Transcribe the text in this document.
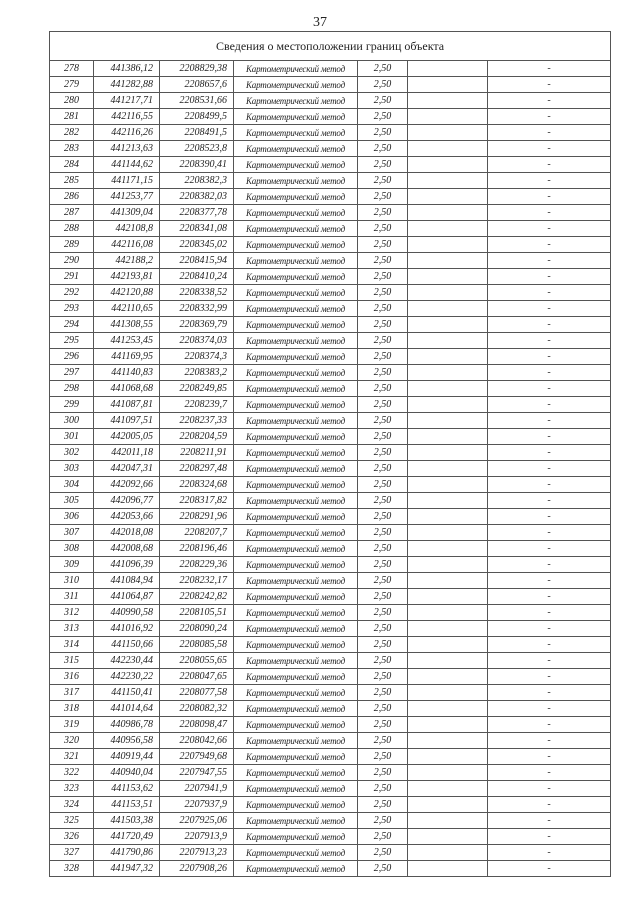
37
Сведения о местоположении границ объекта						

278	441386,12	2208829,38	Картометрический метод	2,50		-
279	441282,88	2208657,6	Картометрический метод	2,50		-
280	441217,71	2208531,66	Картометрический метод	2,50		-
281	442116,55	2208499,5	Картометрический метод	2,50		-
282	442116,26	2208491,5	Картометрический метод	2,50		-
283	441213,63	2208523,8	Картометрический метод	2,50		-
284	441144,62	2208390,41	Картометрический метод	2,50		-
285	441171,15	2208382,3	Картометрический метод	2,50		-
286	441253,77	2208382,03	Картометрический метод	2,50		-
287	441309,04	2208377,78	Картометрический метод	2,50		-
288	442108,8	2208341,08	Картометрический метод	2,50		-
289	442116,08	2208345,02	Картометрический метод	2,50		-
290	442188,2	2208415,94	Картометрический метод	2,50		-
291	442193,81	2208410,24	Картометрический метод	2,50		-
292	442120,88	2208338,52	Картометрический метод	2,50		-
293	442110,65	2208332,99	Картометрический метод	2,50		-
294	441308,55	2208369,79	Картометрический метод	2,50		-
295	441253,45	2208374,03	Картометрический метод	2,50		-
296	441169,95	2208374,3	Картометрический метод	2,50		-
297	441140,83	2208383,2	Картометрический метод	2,50		-
298	441068,68	2208249,85	Картометрический метод	2,50		-
299	441087,81	2208239,7	Картометрический метод	2,50		-
300	441097,51	2208237,33	Картометрический метод	2,50		-
301	442005,05	2208204,59	Картометрический метод	2,50		-
302	442011,18	2208211,91	Картометрический метод	2,50		-
303	442047,31	2208297,48	Картометрический метод	2,50		-
304	442092,66	2208324,68	Картометрический метод	2,50		-
305	442096,77	2208317,82	Картометрический метод	2,50		-
306	442053,66	2208291,96	Картометрический метод	2,50		-
307	442018,08	2208207,7	Картометрический метод	2,50		-
308	442008,68	2208196,46	Картометрический метод	2,50		-
309	441096,39	2208229,36	Картометрический метод	2,50		-
310	441084,94	2208232,17	Картометрический метод	2,50		-
311	441064,87	2208242,82	Картометрический метод	2,50		-
312	440990,58	2208105,51	Картометрический метод	2,50		-
313	441016,92	2208090,24	Картометрический метод	2,50		-
314	441150,66	2208085,58	Картометрический метод	2,50		-
315	442230,44	2208055,65	Картометрический метод	2,50		-
316	442230,22	2208047,65	Картометрический метод	2,50		-
317	441150,41	2208077,58	Картометрический метод	2,50		-
318	441014,64	2208082,32	Картометрический метод	2,50		-
319	440986,78	2208098,47	Картометрический метод	2,50		-
320	440956,58	2208042,66	Картометрический метод	2,50		-
321	440919,44	2207949,68	Картометрический метод	2,50		-
322	440940,04	2207947,55	Картометрический метод	2,50		-
323	441153,62	2207941,9	Картометрический метод	2,50		-
324	441153,51	2207937,9	Картометрический метод	2,50		-
325	441503,38	2207925,06	Картометрический метод	2,50		-
326	441720,49	2207913,9	Картометрический метод	2,50		-
327	441790,86	2207913,23	Картометрический метод	2,50		-
328	441947,32	2207908,26	Картометрический метод	2,50		-
